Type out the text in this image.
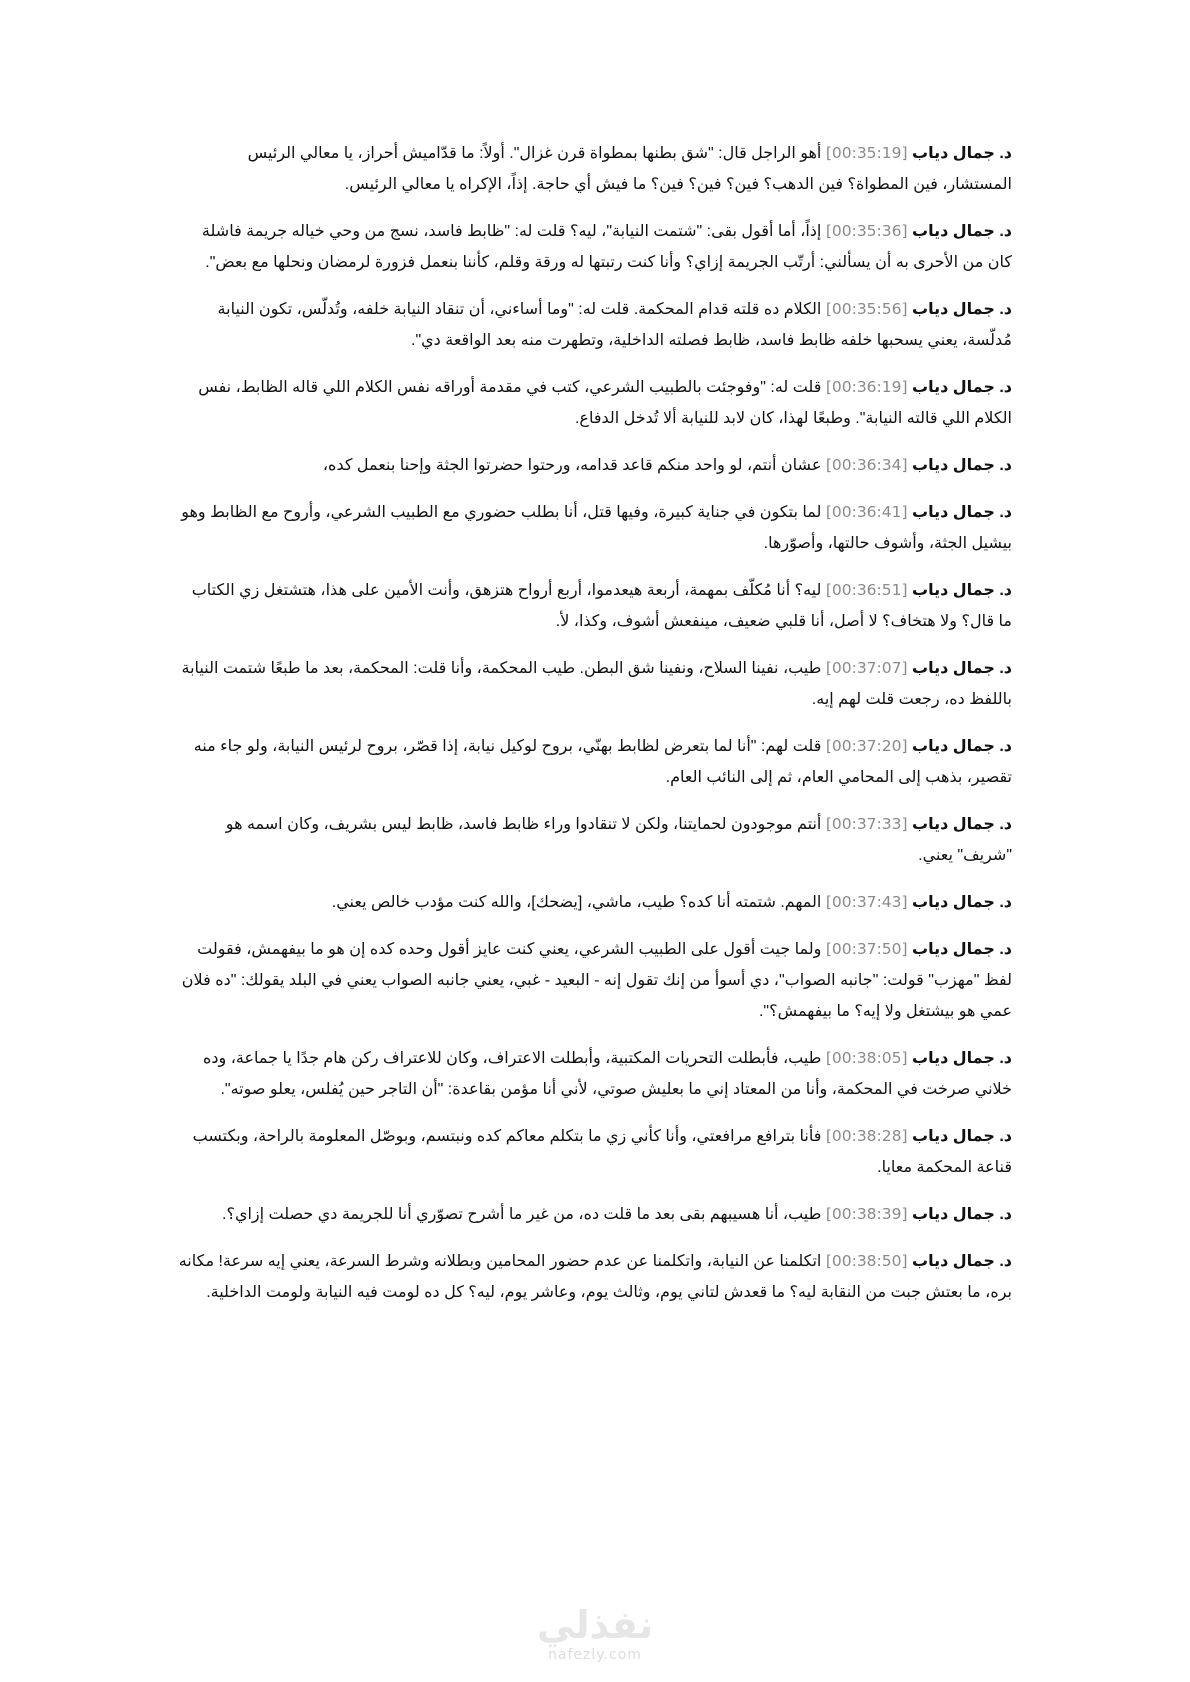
د. جمال دياب [00:35:19] أهو الراجل قال: "شق بطنها بمطواة قرن غزال". أولاً: ما قدّاميش أحراز، يا معالي الرئيس المستشار، فين المطواة؟ فين الدهب؟ فين؟ فين؟ فين؟ ما فيش أي حاجة. إذاً، الإكراه يا معالي الرئيس.

د. جمال دياب [00:35:36] إذاً، أما أقول بقى: "شتمت النيابة"، ليه؟ قلت له: "ظابط فاسد، نسج من وحي خياله جريمة فاشلة كان من الأحرى به أن يسألني: أرتّب الجريمة إزاي؟ وأنا كنت رتبتها له ورقة وقلم، كأننا بنعمل فزورة لرمضان ونحلها مع بعض".

د. جمال دياب [00:35:56] الكلام ده قلته قدام المحكمة. قلت له: "وما أساءني، أن تنقاد النيابة خلفه، وتُدلّس، تكون النيابة مُدلّسة، يعني يسحبها خلفه ظابط فاسد، ظابط فصلته الداخلية، وتطهرت منه بعد الواقعة دي".

د. جمال دياب [00:36:19] قلت له: "وفوجئت بالطبيب الشرعي، كتب في مقدمة أوراقه نفس الكلام اللي قاله الظابط، نفس الكلام اللي قالته النيابة". وطبعًا لهذا، كان لابد للنيابة ألا تُدخل الدفاع.

د. جمال دياب [00:36:34] عشان أنتم، لو واحد منكم قاعد قدامه، ورحتوا حضرتوا الجثة وإحنا بنعمل كده،

د. جمال دياب [00:36:41] لما بتكون في جناية كبيرة، وفيها قتل، أنا بطلب حضوري مع الطبيب الشرعي، وأروح مع الظابط وهو بيشيل الجثة، وأشوف حالتها، وأصوّرها.

د. جمال دياب [00:36:51] ليه؟ أنا مُكلّف بمهمة، أربعة هيعدموا، أربع أرواح هتزهق، وأنت الأمين على هذا، هتشتغل زي الكتاب ما قال؟ ولا هتخاف؟ لا أصل، أنا قلبي ضعيف، مينفعش أشوف، وكذا، لأ.

د. جمال دياب [00:37:07] طيب، نفينا السلاح، ونفينا شق البطن. طيب المحكمة، وأنا قلت: المحكمة، بعد ما طبعًا شتمت النيابة باللفظ ده، رجعت قلت لهم إيه.

د. جمال دياب [00:37:20] قلت لهم: "أنا لما بتعرض لظابط بهنّي، بروح لوكيل نيابة، إذا قصّر، بروح لرئيس النيابة، ولو جاء منه تقصير، بذهب إلى المحامي العام، ثم إلى النائب العام.

د. جمال دياب [00:37:33] أنتم موجودون لحمايتنا، ولكن لا تنقادوا وراء ظابط فاسد، ظابط ليس بشريف، وكان اسمه هو "شريف" يعني.

د. جمال دياب [00:37:43] المهم. شتمته أنا كده؟ طيب، ماشي، [يضحك]، والله كنت مؤدب خالص يعني.

د. جمال دياب [00:37:50] ولما جيت أقول على الطبيب الشرعي، يعني كنت عايز أقول وحده كده إن هو ما بيفهمش، فقولت لفظ "مهزب" قولت: "جانبه الصواب"، دي أسوأ من إنك تقول إنه - البعيد - غبي، يعني جانبه الصواب يعني في البلد يقولك: "ده فلان عمي هو بيشتغل ولا إيه؟ ما بيفهمش؟".

د. جمال دياب [00:38:05] طيب، فأبطلت التحريات المكتبية، وأبطلت الاعتراف، وكان للاعتراف ركن هام جدًا يا جماعة، وده خلاني صرخت في المحكمة، وأنا من المعتاد إني ما بعليش صوتي، لأني أنا مؤمن بقاعدة: "أن التاجر حين يُفلس، يعلو صوته".

د. جمال دياب [00:38:28] فأنا بترافع مرافعتي، وأنا كأني زي ما بتكلم معاكم كده ونبتسم، وبوصّل المعلومة بالراحة، وبكتسب قناعة المحكمة معايا.

د. جمال دياب [00:38:39] طيب، أنا هسيبهم بقى بعد ما قلت ده، من غير ما أشرح تصوّري أنا للجريمة دي حصلت إزاي؟.

د. جمال دياب [00:38:50] اتكلمنا عن النيابة، واتكلمنا عن عدم حضور المحامين وبطلانه وشرط السرعة، يعني إيه سرعة! مكانه بره، ما بعتش جبت من النقابة ليه؟ ما قعدش لتاني يوم، وثالث يوم، وعاشر يوم، ليه؟ كل ده لومت فيه النيابة ولومت الداخلية.

نفذلي
nafezly.com
